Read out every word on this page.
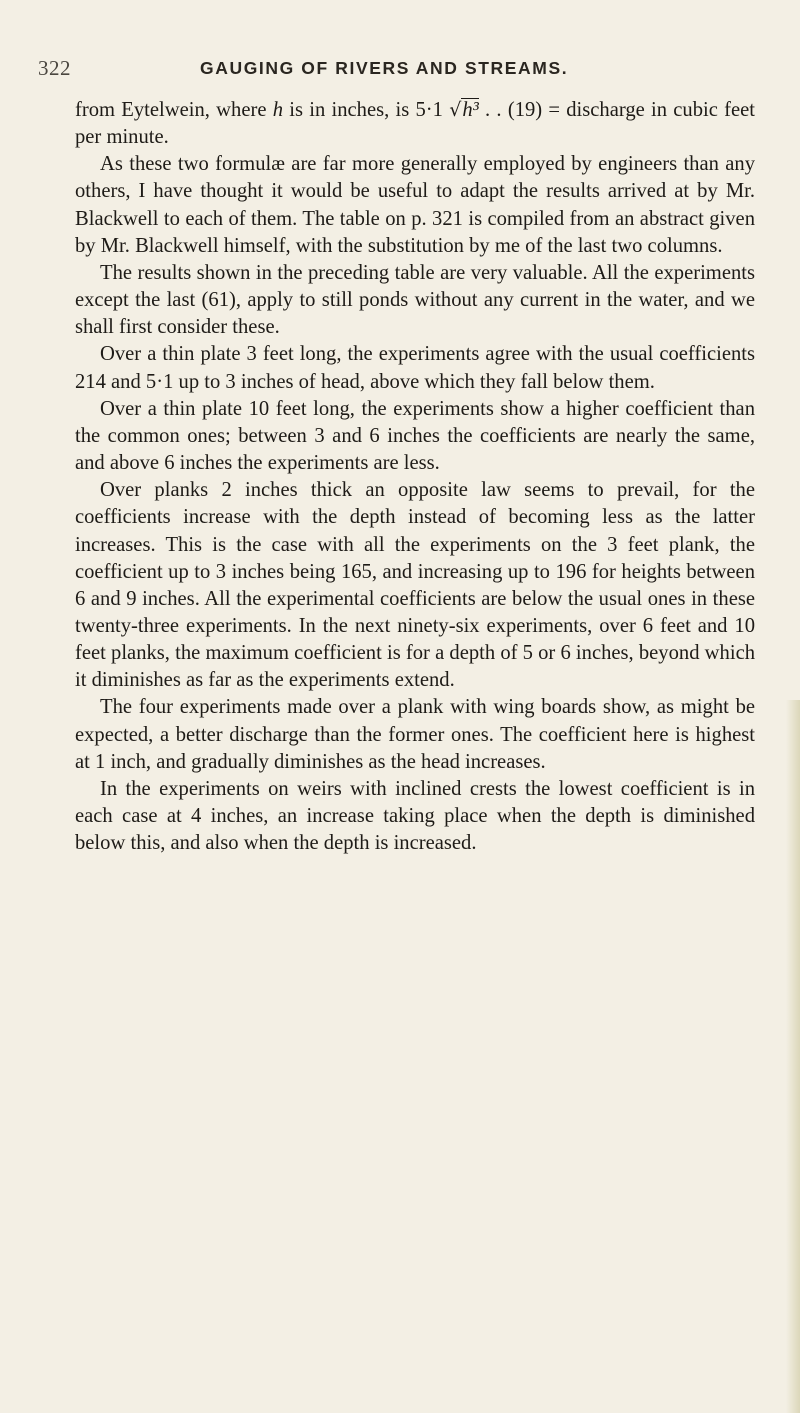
322	GAUGING OF RIVERS AND STREAMS.

from Eytelwein, where h is in inches, is 5·1 √h³ . . (19) = discharge in cubic feet per minute.

As these two formulæ are far more generally employed by engineers than any others, I have thought it would be useful to adapt the results arrived at by Mr. Blackwell to each of them. The table on p. 321 is compiled from an abstract given by Mr. Blackwell himself, with the substitution by me of the last two columns.

The results shown in the preceding table are very valuable. All the experiments except the last (61), apply to still ponds without any current in the water, and we shall first consider these.

Over a thin plate 3 feet long, the experiments agree with the usual coefficients 214 and 5·1 up to 3 inches of head, above which they fall below them.

Over a thin plate 10 feet long, the experiments show a higher coefficient than the common ones; between 3 and 6 inches the coefficients are nearly the same, and above 6 inches the experiments are less.

Over planks 2 inches thick an opposite law seems to prevail, for the coefficients increase with the depth instead of becoming less as the latter increases. This is the case with all the experiments on the 3 feet plank, the coefficient up to 3 inches being 165, and increasing up to 196 for heights between 6 and 9 inches. All the experimental coefficients are below the usual ones in these twenty-three experiments. In the next ninety-six experiments, over 6 feet and 10 feet planks, the maximum coefficient is for a depth of 5 or 6 inches, beyond which it diminishes as far as the experiments extend.

The four experiments made over a plank with wing boards show, as might be expected, a better discharge than the former ones. The coefficient here is highest at 1 inch, and gradually diminishes as the head increases.

In the experiments on weirs with inclined crests the lowest coefficient is in each case at 4 inches, an increase taking place when the depth is diminished below this, and also when the depth is increased.
